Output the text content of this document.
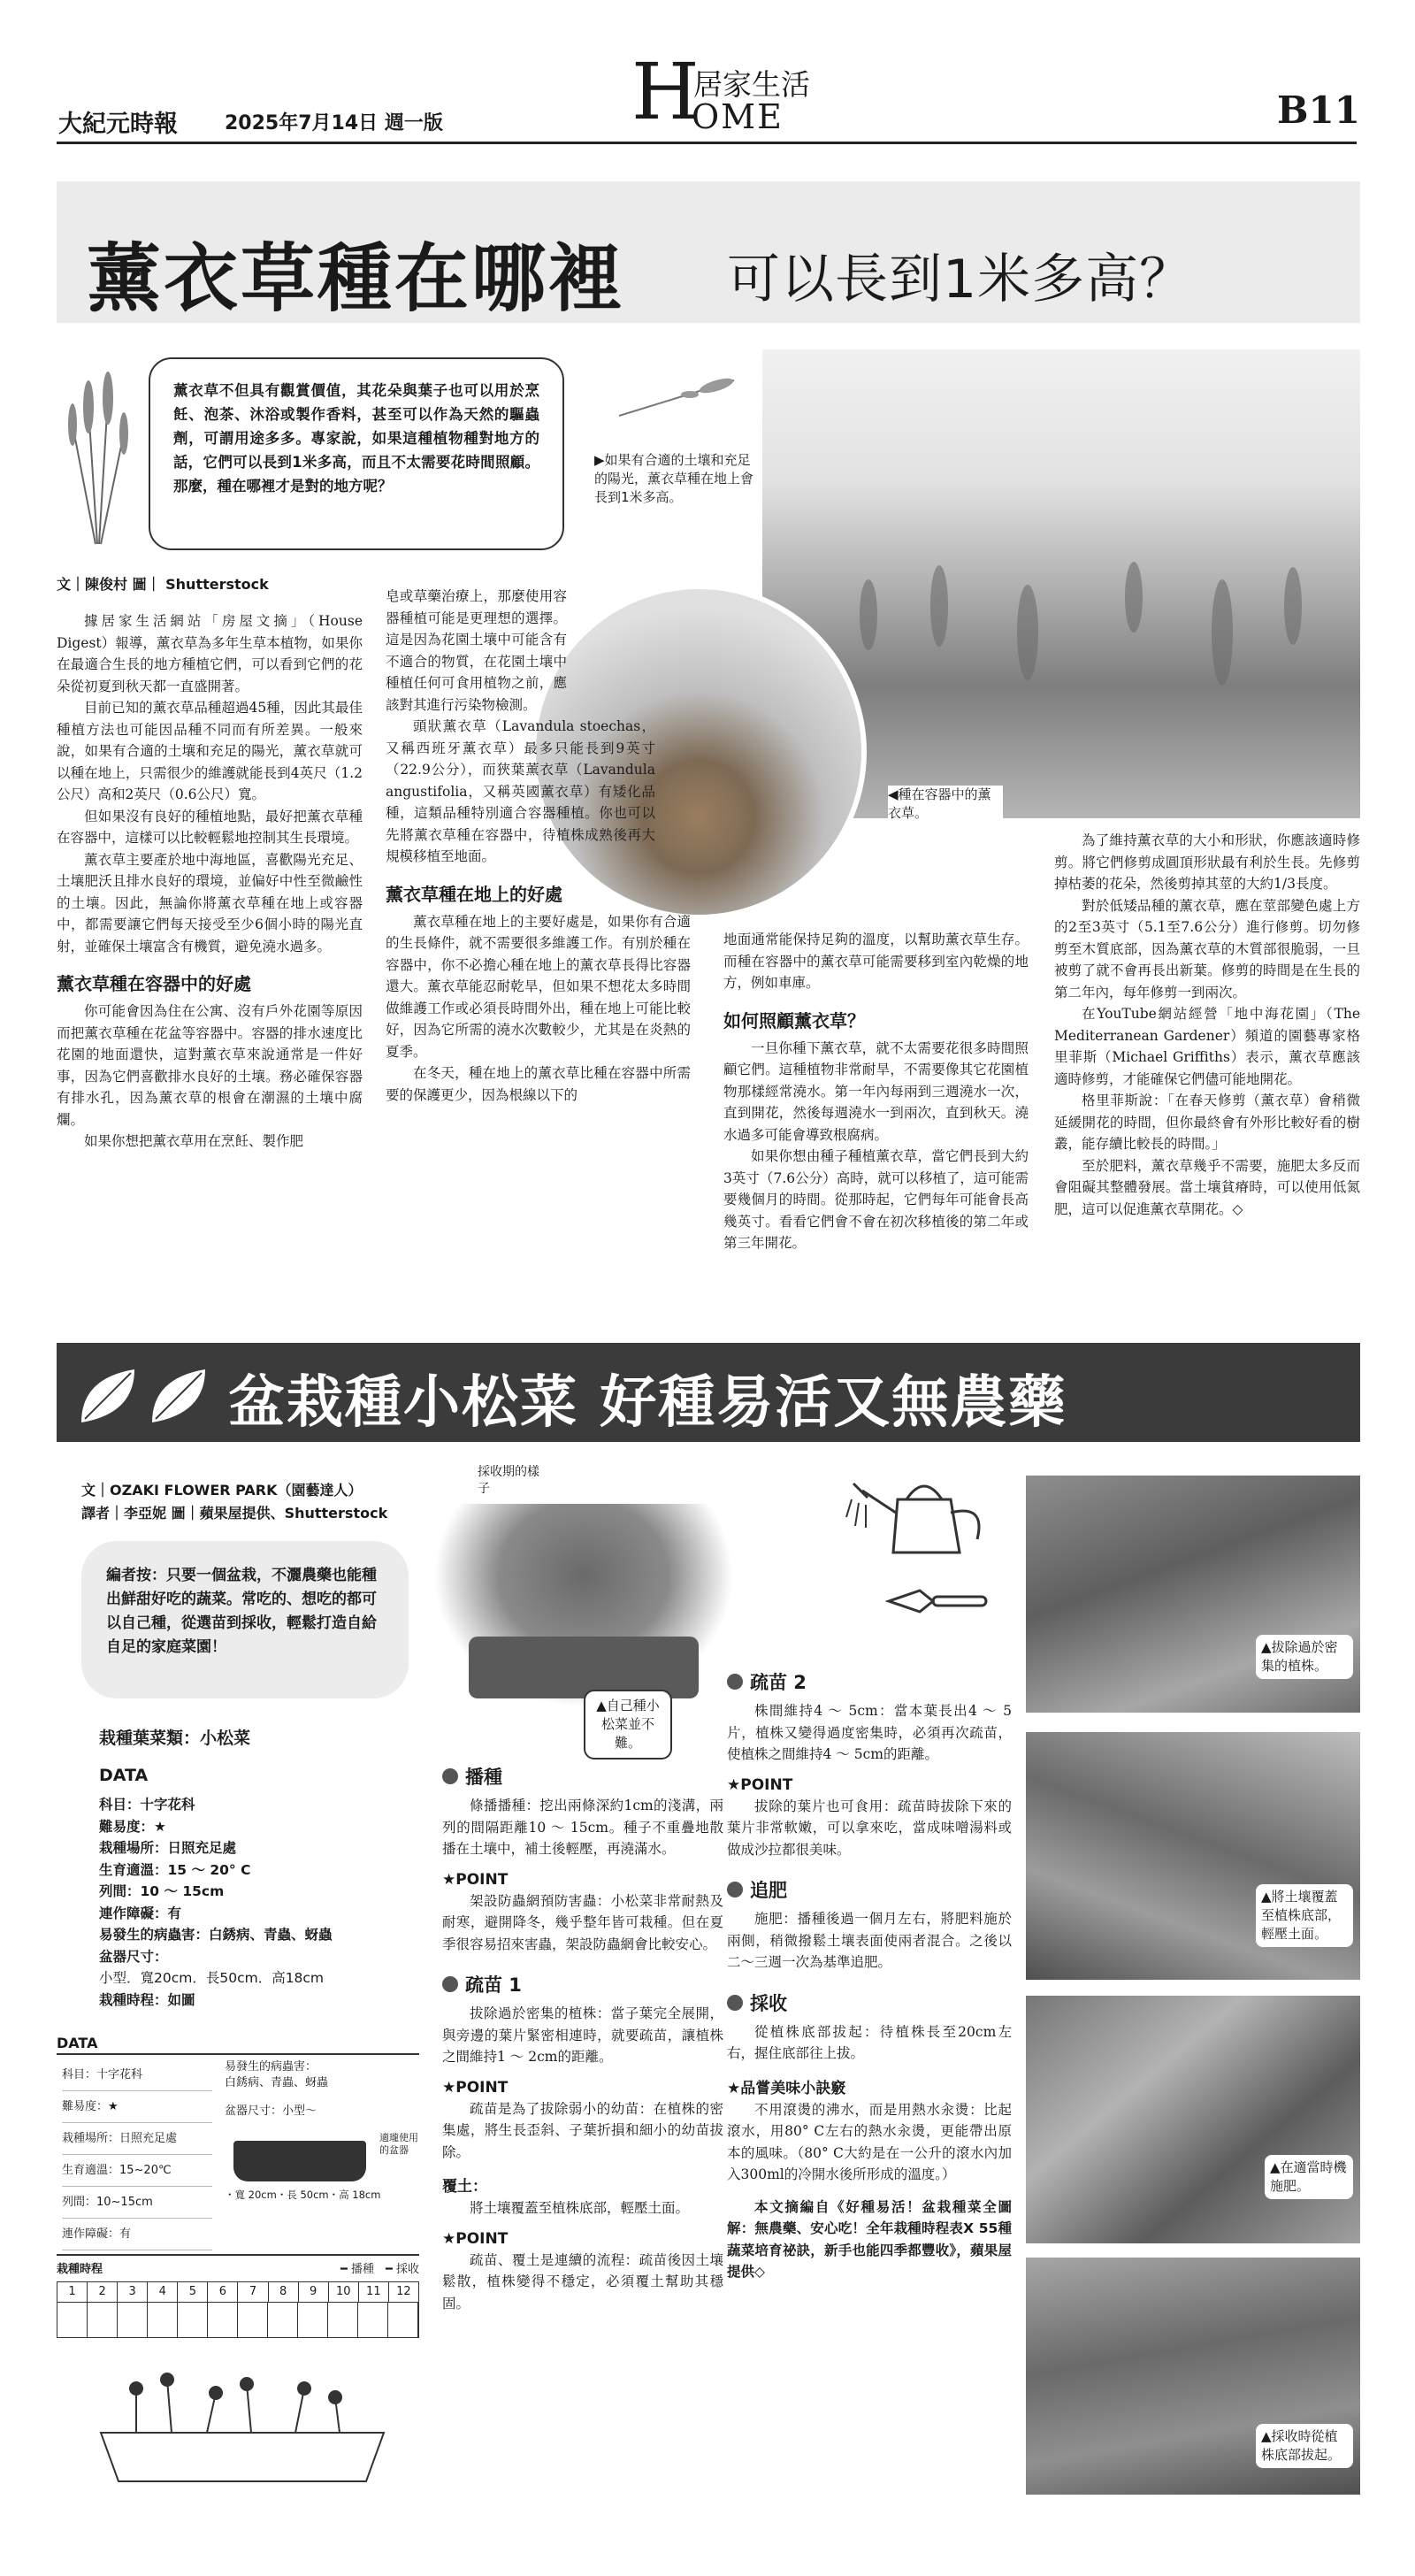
大紀元時報 2025年7月14日 週一版 H
居家生活
OME	B11
薰衣草種在哪裡 可以長到1米多高？
薰衣草不但具有觀賞價值，其花朵與葉子也可以用於烹飪、泡茶、沐浴或製作香料，甚至可以作為天然的驅蟲劑，可謂用途多多。專家說，如果這種植物種對地方的話，它們可以長到1米多高，而且不太需要花時間照顧。那麼，種在哪裡才是對的地方呢？
▶如果有合適的土壤和充足的陽光，薰衣草種在地上會長到1米多高。
文｜陳俊村 圖｜ Shutterstock
◀種在容器中的薰衣草。

據居家生活網站「房屋文摘」（House Digest）報導，薰衣草為多年生草本植物，如果你在最適合生長的地方種植它們，可以看到它們的花朵從初夏到秋天都一直盛開著。

目前已知的薰衣草品種超過45種，因此其最佳種植方法也可能因品種不同而有所差異。一般來說，如果有合適的土壤和充足的陽光，薰衣草就可以種在地上，只需很少的維護就能長到4英尺（1.2公尺）高和2英尺（0.6公尺）寬。

但如果沒有良好的種植地點，最好把薰衣草種在容器中，這樣可以比較輕鬆地控制其生長環境。

薰衣草主要產於地中海地區，喜歡陽光充足、土壤肥沃且排水良好的環境，並偏好中性至微鹼性的土壤。因此，無論你將薰衣草種在地上或容器中，都需要讓它們每天接受至少6個小時的陽光直射，並確保土壤富含有機質，避免澆水過多。

薰衣草種在容器中的好處

你可能會因為住在公寓、沒有戶外花園等原因而把薰衣草種在花盆等容器中。容器的排水速度比花園的地面還快，這對薰衣草來說通常是一件好事，因為它們喜歡排水良好的土壤。務必確保容器有排水孔，因為薰衣草的根會在潮濕的土壤中腐爛。

如果你想把薰衣草用在烹飪、製作肥

皂或草藥治療上，那麼使用容器種植可能是更理想的選擇。這是因為花園土壤中可能含有不適合的物質，在花園土壤中種植任何可食用植物之前，應該對其進行污染物檢測。

頭狀薰衣草（Lavandula stoechas，又稱西班牙薰衣草）最多只能長到9英寸（22.9公分），而狹葉薰衣草（Lavandula angustifolia，又稱英國薰衣草）有矮化品種，這類品種特別適合容器種植。你也可以先將薰衣草種在容器中，待植株成熟後再大規模移植至地面。

薰衣草種在地上的好處

薰衣草種在地上的主要好處是，如果你有合適的生長條件，就不需要很多維護工作。有別於種在容器中，你不必擔心種在地上的薰衣草長得比容器還大。薰衣草能忍耐乾旱，但如果不想花太多時間做維護工作或必須長時間外出，種在地上可能比較好，因為它所需的澆水次數較少，尤其是在炎熱的夏季。

在冬天，種在地上的薰衣草比種在容器中所需要的保護更少，因為根線以下的

地面通常能保持足夠的溫度，以幫助薰衣草生存。而種在容器中的薰衣草可能需要移到室內乾燥的地方，例如車庫。

如何照顧薰衣草？

一旦你種下薰衣草，就不太需要花很多時間照顧它們。這種植物非常耐旱，不需要像其它花園植物那樣經常澆水。第一年內每兩到三週澆水一次，直到開花，然後每週澆水一到兩次，直到秋天。澆水過多可能會導致根腐病。

如果你想由種子種植薰衣草，當它們長到大約3英寸（7.6公分）高時，就可以移植了，這可能需要幾個月的時間。從那時起，它們每年可能會長高幾英寸。看看它們會不會在初次移植後的第二年或第三年開花。

為了維持薰衣草的大小和形狀，你應該適時修剪。將它們修剪成圓頂形狀最有利於生長。先修剪掉枯萎的花朵，然後剪掉其莖的大約1/3長度。

對於低矮品種的薰衣草，應在莖部變色處上方的2至3英寸（5.1至7.6公分）進行修剪。切勿修剪至木質底部，因為薰衣草的木質部很脆弱，一旦被剪了就不會再長出新葉。修剪的時間是在生長的第二年內，每年修剪一到兩次。

在YouTube網站經營「地中海花園」（The Mediterranean Gardener）頻道的園藝專家格里菲斯（Michael Griffiths）表示，薰衣草應該適時修剪，才能確保它們儘可能地開花。

格里菲斯說：「在春天修剪（薰衣草）會稍微延緩開花的時間，但你最終會有外形比較好看的樹叢，能存續比較長的時間。」

至於肥料，薰衣草幾乎不需要，施肥太多反而會阻礙其整體發展。當土壤貧瘠時，可以使用低氮肥，這可以促進薰衣草開花。◇

盆栽種小松菜 好種易活又無農藥
文｜OZAKI FLOWER PARK（園藝達人）
譯者｜李亞妮 圖｜蘋果屋提供、Shutterstock
編者按：只要一個盆栽，不灑農藥也能種出鮮甜好吃的蔬菜。常吃的、想吃的都可以自己種，從選苗到採收，輕鬆打造自給自足的家庭菜園！
採收期的樣子
▲自己種小松菜並不難。
栽種葉菜類：小松菜
DATA
科目：十字花科
難易度：★
栽種場所：日照充足處
生育適溫：15 ～ 20° C
列間：10 ～ 15cm
連作障礙：有
易發生的病蟲害：白銹病、青蟲、蚜蟲
盆器尺寸：
小型．寬20cm．長50cm．高18cm
栽種時程：如圖
DATA
科目：十字花科
難易度：★
栽種場所：日照充足處
生育適溫：15~20℃
列間：10~15cm
連作障礙：有
易發生的病蟲害：
白銹病、青蟲、蚜蟲
盆器尺寸：小型～
適瓏使用的盆器
・寬 20cm・長 50cm・高 18cm
栽種時程	━ 播種　 ━ 採收
1	2	3	4	5	6	7	8	9	10	11	12
播種

條播播種：挖出兩條深約1cm的淺溝，兩列的間隔距離10 ～ 15cm。種子不重疊地散播在土壤中，補土後輕壓，再澆滿水。

★POINT

架設防蟲網預防害蟲：小松菜非常耐熱及耐寒，避開降冬，幾乎整年皆可栽種。但在夏季很容易招來害蟲，架設防蟲網會比較安心。

疏苗 1

拔除過於密集的植株：當子葉完全展開，與旁邊的葉片緊密相連時，就要疏苗，讓植株之間維持1 ～ 2cm的距離。

★POINT

疏苗是為了拔除弱小的幼苗：在植株的密集處，將生長歪斜、子葉折損和細小的幼苗拔除。

覆土：

將土壤覆蓋至植株底部，輕壓土面。

★POINT

疏苗、覆土是連續的流程：疏苗後因土壤鬆散，植株變得不穩定，必須覆土幫助其穩固。

疏苗 2

株間維持4 ～ 5cm：當本葉長出4 ～ 5片，植株又變得過度密集時，必須再次疏苗，使植株之間維持4 ～ 5cm的距離。

★POINT

拔除的葉片也可食用：疏苗時拔除下來的葉片非常軟嫩，可以拿來吃，當成味噌湯料或做成沙拉都很美味。

追肥

施肥：播種後過一個月左右，將肥料施於兩側，稍微撥鬆土壤表面使兩者混合。之後以二～三週一次為基準追肥。

採收

從植株底部拔起：待植株長至20cm左右，握住底部往上拔。

★品嘗美味小訣竅

不用滾燙的沸水，而是用熱水汆燙：比起滾水，用80° C左右的熱水汆燙，更能帶出原本的風味。（80° C大約是在一公升的滾水內加入300ml的冷開水後所形成的溫度。）

本文摘編自《好種易活！盆栽種菜全圖解：無農藥、安心吃！全年栽種時程表X 55種蔬菜培育祕訣，新手也能四季都豐收》，蘋果屋提供◇

▲拔除過於密集的植株。
▲將土壤覆蓋至植株底部，輕壓土面。
▲在適當時機施肥。
▲採收時從植株底部拔起。
